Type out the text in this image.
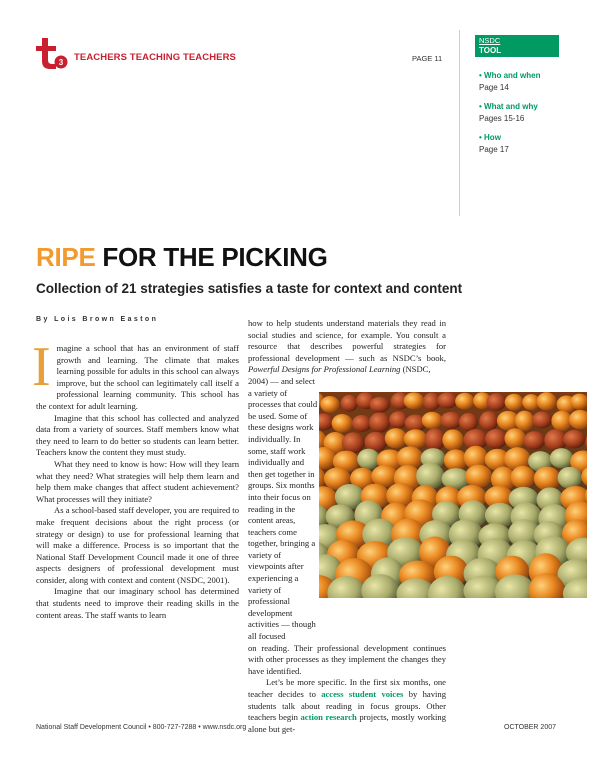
3 TEACHERS TEACHING TEACHERS	PAGE 11
NSDC
TOOL
• Who and when
Page 14
• What and why
Pages 15-16
• How
Page 17
RIPE FOR THE PICKING
Collection of 21 strategies satisfies a taste for context and content
By Lois Brown Easton

Imagine a school that has an environment of staff growth and learning. The climate that makes learning possible for adults in this school can always improve, but the school can legitimately call itself a professional learning community. This school has the context for adult learning.

Imagine that this school has collected and analyzed data from a variety of sources. Staff members know what they need to learn to do better so students can learn better. Teachers know the content they must study.

What they need to know is how: How will they learn what they need? What strategies will help them learn and help them make changes that affect student achievement? What processes will they initiate?

As a school-based staff developer, you are required to make frequent decisions about the right process (or strategy or design) to use for professional learning that will make a difference. Process is so important that the National Staff Development Council made it one of three aspects designers of professional development must consider, along with context and content (NSDC, 2001).

Imagine that our imaginary school has determined that students need to improve their reading skills in the content areas. The staff wants to learn

how to help students understand materials they read in social studies and science, for example. You consult a resource that describes powerful strategies for professional development — such as NSDC’s book, Powerful Designs for Professional Learning (NSDC,

2004) — and select a variety of processes that could be used. Some of these designs work individually. In some, staff work individually and then get together in groups. Six months into their focus on reading in the content areas, teachers come together, bringing a variety of viewpoints after experiencing a variety of professional development activities — though all focused

on reading. Their professional development continues with other processes as they implement the changes they have identified.

Let’s be more specific. In the first six months, one teacher decides to access student voices by having students talk about reading in focus groups. Other teachers begin action research projects, mostly working alone but get-

National Staff Development Council • 800-727-7288 • www.nsdc.org	OCTOBER 2007
